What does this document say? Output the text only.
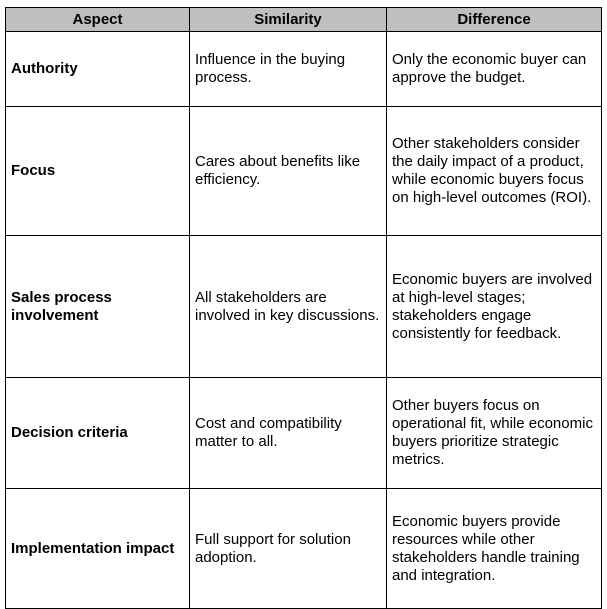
Aspect	Similarity	Difference
Authority	Influence in the buying process.	Only the economic buyer can approve the budget.
Focus	Cares about benefits like efficiency.	Other stakeholders consider the daily impact of a product, while economic buyers focus on high-level outcomes (ROI).
Sales process involvement	All stakeholders are involved in key discussions.	Economic buyers are involved at high-level stages; stakeholders engage consistently for feedback.
Decision criteria	Cost and compatibility matter to all.	Other buyers focus on operational fit, while economic buyers prioritize strategic metrics.
Implementation impact	Full support for solution adoption.	Economic buyers provide resources while other stakeholders handle training and integration.
